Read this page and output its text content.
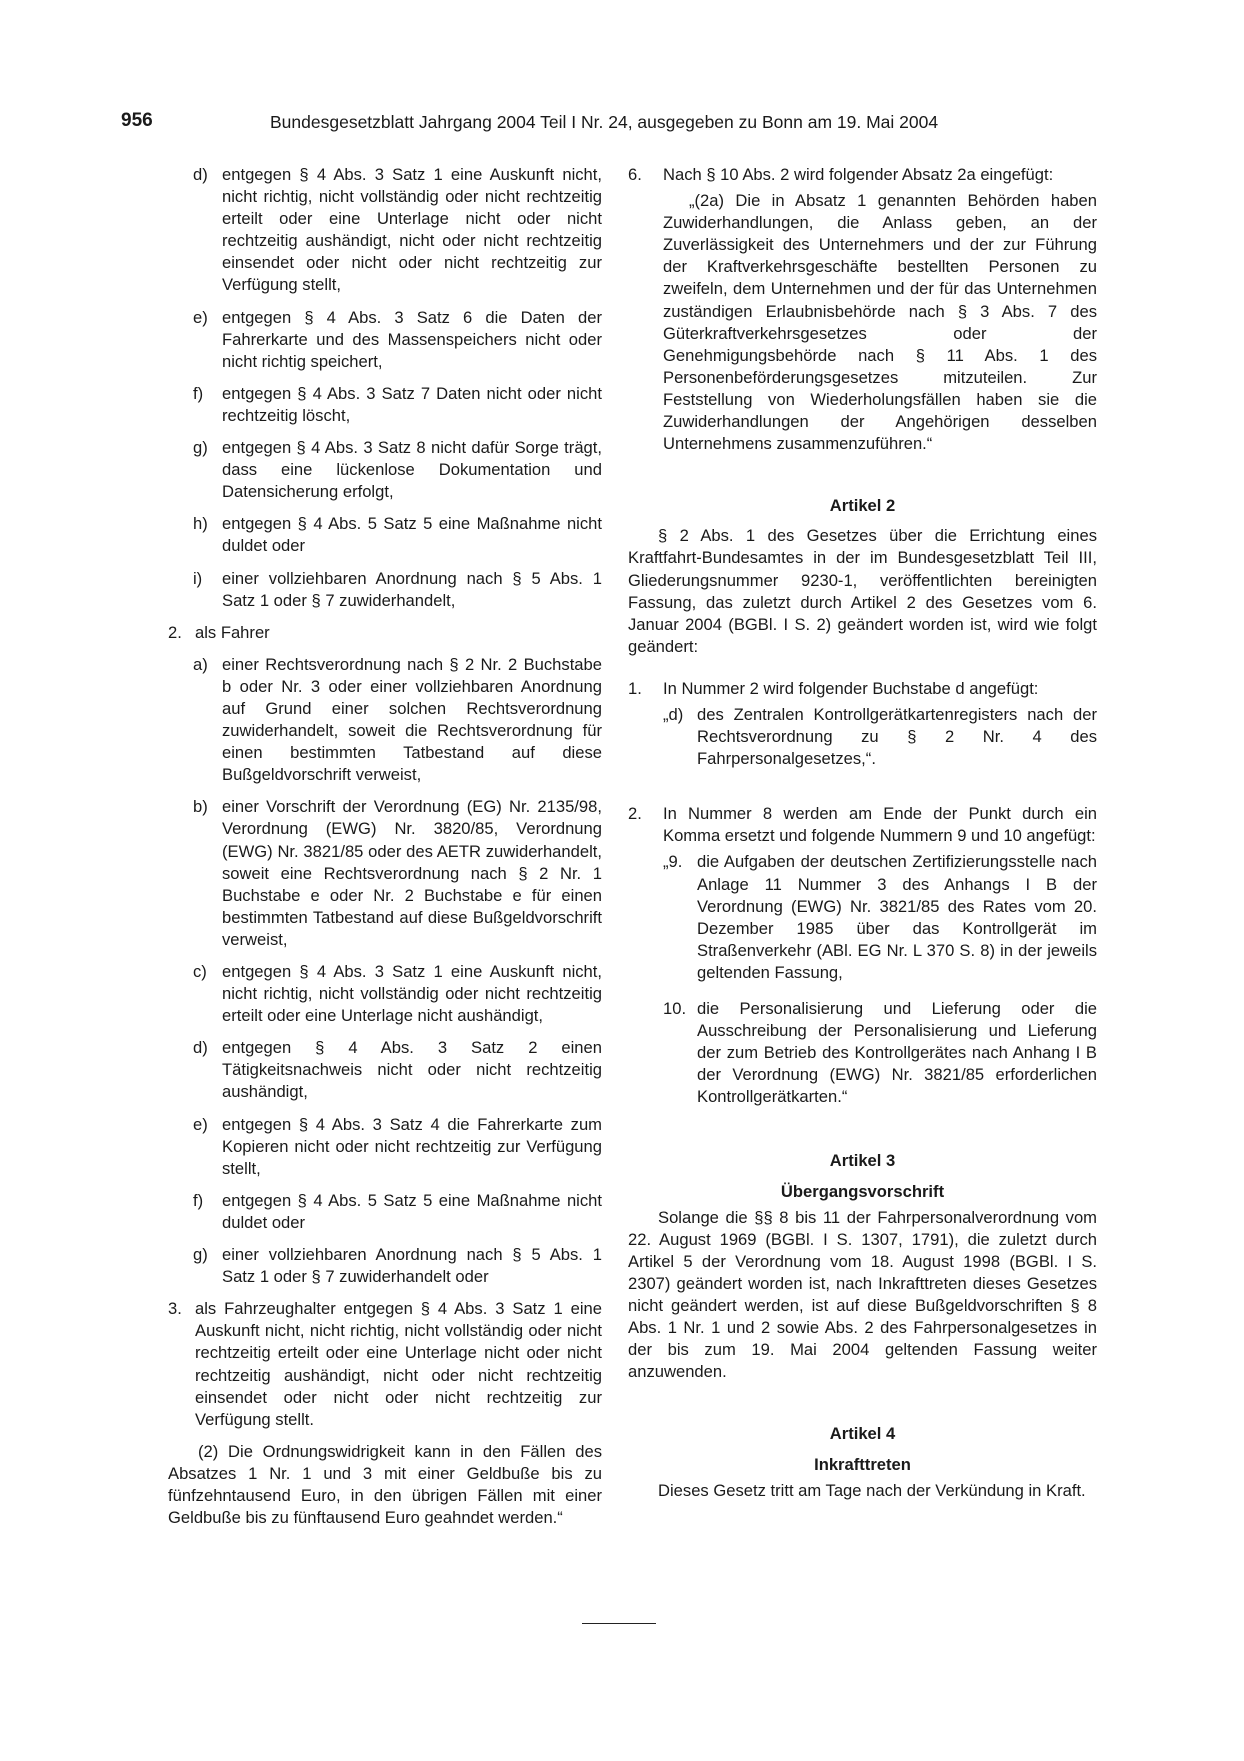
956	Bundesgesetzblatt Jahrgang 2004 Teil I Nr. 24, ausgegeben zu Bonn am 19. Mai 2004
d) entgegen § 4 Abs. 3 Satz 1 eine Auskunft nicht, nicht richtig, nicht vollständig oder nicht rechtzeitig erteilt oder eine Unterlage nicht oder nicht rechtzeitig aushändigt, nicht oder nicht rechtzeitig einsendet oder nicht oder nicht rechtzeitig zur Verfügung stellt,
e) entgegen § 4 Abs. 3 Satz 6 die Daten der Fahrerkarte und des Massenspeichers nicht oder nicht richtig speichert,
f)	entgegen § 4 Abs. 3 Satz 7 Daten nicht oder nicht rechtzeitig löscht,
g) entgegen § 4 Abs. 3 Satz 8 nicht dafür Sorge trägt, dass eine lückenlose Dokumentation und Datensicherung erfolgt,
h) entgegen § 4 Abs. 5 Satz 5 eine Maßnahme nicht duldet oder
i)	einer vollziehbaren Anordnung nach § 5 Abs. 1 Satz 1 oder § 7 zuwiderhandelt,
2. als Fahrer
a) einer Rechtsverordnung nach § 2 Nr. 2 Buchstabe b oder Nr. 3 oder einer vollziehbaren Anordnung auf Grund einer solchen Rechtsverordnung zuwiderhandelt, soweit die Rechtsverordnung für einen bestimmten Tatbestand auf diese Bußgeldvorschrift verweist,
b) einer Vorschrift der Verordnung (EG) Nr. 2135/98, Verordnung (EWG) Nr. 3820/85, Verordnung (EWG) Nr. 3821/85 oder des AETR zuwiderhandelt, soweit eine Rechtsverordnung nach § 2 Nr. 1 Buchstabe e oder Nr. 2 Buchstabe e für einen bestimmten Tatbestand auf diese Bußgeldvorschrift verweist,
c) entgegen § 4 Abs. 3 Satz 1 eine Auskunft nicht, nicht richtig, nicht vollständig oder nicht rechtzeitig erteilt oder eine Unterlage nicht aushändigt,
d) entgegen § 4 Abs. 3 Satz 2 einen Tätigkeitsnachweis nicht oder nicht rechtzeitig aushändigt,
e) entgegen § 4 Abs. 3 Satz 4 die Fahrerkarte zum Kopieren nicht oder nicht rechtzeitig zur Verfügung stellt,
f)	entgegen § 4 Abs. 5 Satz 5 eine Maßnahme nicht duldet oder
g) einer vollziehbaren Anordnung nach § 5 Abs. 1 Satz 1 oder § 7 zuwiderhandelt oder
3. als Fahrzeughalter entgegen § 4 Abs. 3 Satz 1 eine Auskunft nicht, nicht richtig, nicht vollständig oder nicht rechtzeitig erteilt oder eine Unterlage nicht oder nicht rechtzeitig aushändigt, nicht oder nicht rechtzeitig einsendet oder nicht oder nicht rechtzeitig zur Verfügung stellt.

(2) Die Ordnungswidrigkeit kann in den Fällen des Absatzes 1 Nr. 1 und 3 mit einer Geldbuße bis zu fünfzehntausend Euro, in den übrigen Fällen mit einer Geldbuße bis zu fünftausend Euro geahndet werden.“

6.	Nach § 10 Abs. 2 wird folgender Absatz 2a eingefügt:

„(2a) Die in Absatz 1 genannten Behörden haben Zuwiderhandlungen, die Anlass geben, an der Zuverlässigkeit des Unternehmers und der zur Führung der Kraftverkehrsgeschäfte bestellten Personen zu zweifeln, dem Unternehmen und der für das Unternehmen zuständigen Erlaubnisbehörde nach § 3 Abs. 7 des Güterkraftverkehrsgesetzes oder der Genehmigungsbehörde nach § 11 Abs. 1 des Personenbeförderungsgesetzes mitzuteilen. Zur Feststellung von Wiederholungsfällen haben sie die Zuwiderhandlungen der Angehörigen desselben Unternehmens zusammenzuführen.“

Artikel 2

§ 2 Abs. 1 des Gesetzes über die Errichtung eines Kraftfahrt-Bundesamtes in der im Bundesgesetzblatt Teil III, Gliederungsnummer 9230-1, veröffentlichten bereinigten Fassung, das zuletzt durch Artikel 2 des Gesetzes vom 6. Januar 2004 (BGBl. I S. 2) geändert worden ist, wird wie folgt geändert:

1.	In Nummer 2 wird folgender Buchstabe d angefügt:
„d) des Zentralen Kontrollgerätkartenregisters nach der Rechtsverordnung zu § 2 Nr. 4 des Fahrpersonalgesetzes,“.
2.	In Nummer 8 werden am Ende der Punkt durch ein Komma ersetzt und folgende Nummern 9 und 10 angefügt:
„9. die Aufgaben der deutschen Zertifizierungsstelle nach Anlage 11 Nummer 3 des Anhangs I B der Verordnung (EWG) Nr. 3821/85 des Rates vom 20. Dezember 1985 über das Kontrollgerät im Straßenverkehr (ABl. EG Nr. L 370 S. 8) in der jeweils geltenden Fassung,
10. die Personalisierung und Lieferung oder die Ausschreibung der Personalisierung und Lieferung der zum Betrieb des Kontrollgerätes nach Anhang I B der Verordnung (EWG) Nr. 3821/85 erforderlichen Kontrollgerätkarten.“

Artikel 3

Übergangsvorschrift

Solange die §§ 8 bis 11 der Fahrpersonalverordnung vom 22. August 1969 (BGBl. I S. 1307, 1791), die zuletzt durch Artikel 5 der Verordnung vom 18. August 1998 (BGBl. I S. 2307) geändert worden ist, nach Inkrafttreten dieses Gesetzes nicht geändert werden, ist auf diese Bußgeldvorschriften § 8 Abs. 1 Nr. 1 und 2 sowie Abs. 2 des Fahrpersonalgesetzes in der bis zum 19. Mai 2004 geltenden Fassung weiter anzuwenden.

Artikel 4

Inkrafttreten

Dieses Gesetz tritt am Tage nach der Verkündung in Kraft.
